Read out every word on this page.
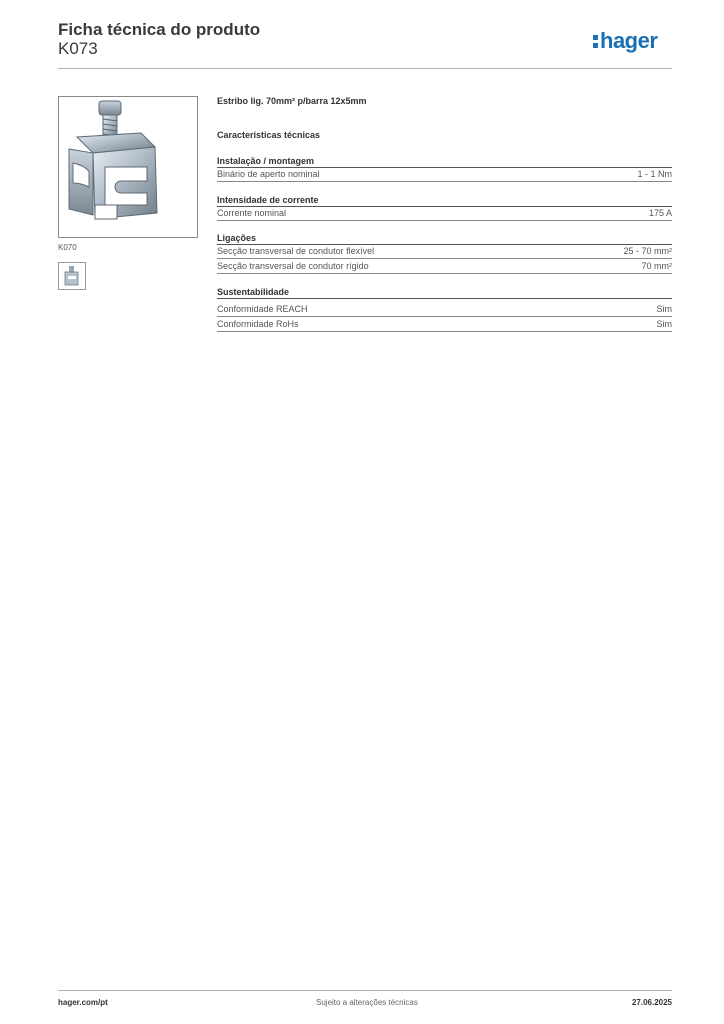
Ficha técnica do produto
K073	hager
K070
Estribo lig. 70mm² p/barra 12x5mm
Características técnicas
Instalação / montagem
Binário de aperto nominal	1 - 1 Nm
Intensidade de corrente
Corrente nominal	175 A
Ligações
Secção transversal de condutor flexível	25 - 70 mm²
Secção transversal de condutor rígido	70 mm²
Sustentabilidade
Conformidade REACH	Sim
Conformidade RoHs	Sim
hager.com/pt	Sujeito a alterações técnicas	27.06.2025
